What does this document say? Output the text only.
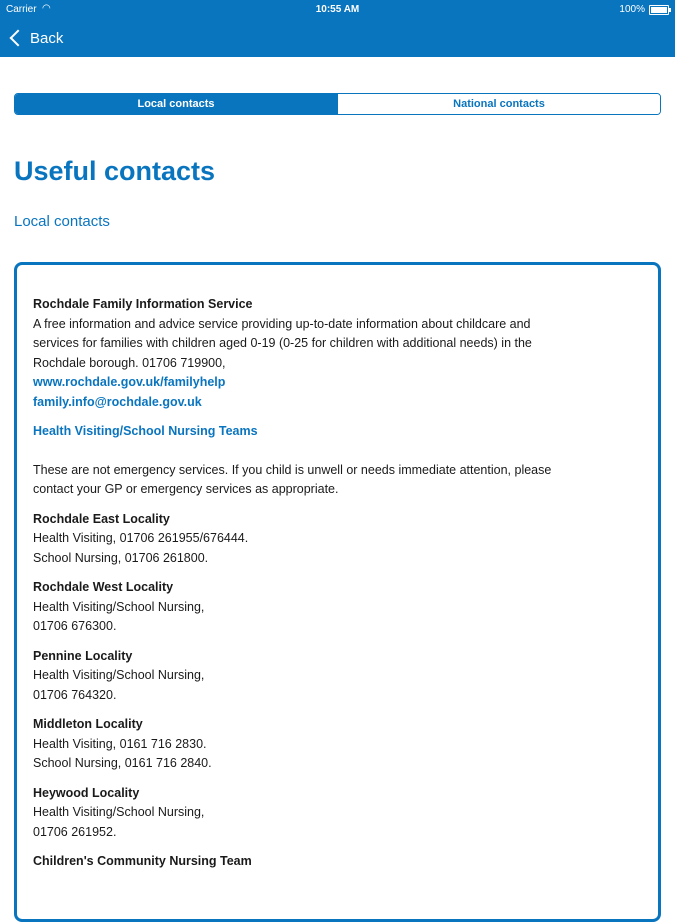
Carrier ◠	10:55 AM	100%
Back
Local contacts	National contacts
Useful contacts
Local contacts

Rochdale Family Information Service

A free information and advice service providing up-to-date information about childcare and

services for families with children aged 0-19 (0-25 for children with additional needs) in the

Rochdale borough. 01706 719900,

www.rochdale.gov.uk/familyhelp

family.info@rochdale.gov.uk

Health Visiting/School Nursing Teams

These are not emergency services. If you child is unwell or needs immediate attention, please

contact your GP or emergency services as appropriate.

Rochdale East Locality

Health Visiting, 01706 261955/676444.

School Nursing, 01706 261800.

Rochdale West Locality

Health Visiting/School Nursing,

01706 676300.

Pennine Locality

Health Visiting/School Nursing,

01706 764320.

Middleton Locality

Health Visiting, 0161 716 2830.

School Nursing, 0161 716 2840.

Heywood Locality

Health Visiting/School Nursing,

01706 261952.

Children's Community Nursing Team
